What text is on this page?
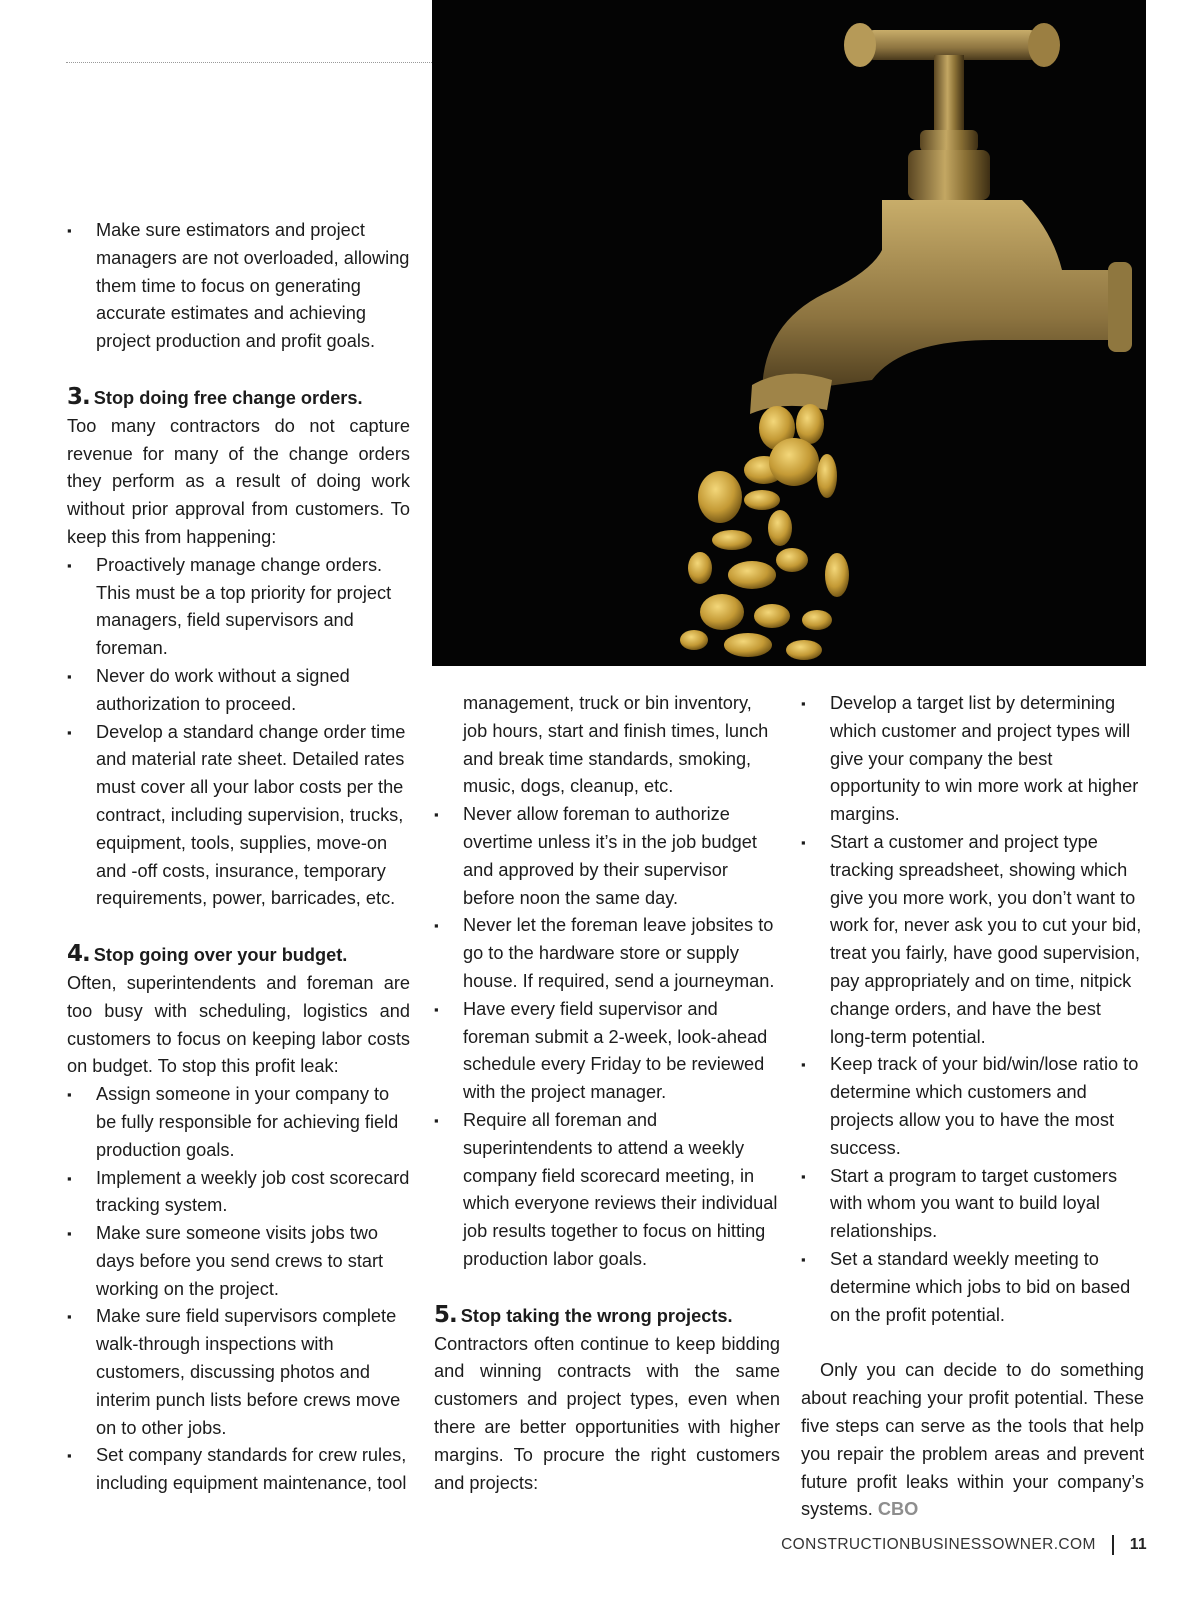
▪ Make sure estimators and project managers are not overloaded, allowing them time to focus on generating accurate estimates and achieving project production and profit goals.

3. Stop doing free change orders.

Too many contractors do not capture revenue for many of the change orders they perform as a result of doing work without prior approval from customers. To keep this from happening:

▪ Proactively manage change orders. This must be a top priority for project managers, field supervisors and foreman.
▪ Never do work without a signed authorization to proceed.
▪ Develop a standard change order time and material rate sheet. Detailed rates must cover all your labor costs per the contract, including supervision, trucks, equipment, tools, supplies, move-on and -off costs, insurance, temporary requirements, power, barricades, etc.

4. Stop going over your budget.

Often, superintendents and foreman are too busy with scheduling, logistics and customers to focus on keeping labor costs on budget. To stop this profit leak:

▪ Assign someone in your company to be fully responsible for achieving field production goals.
▪ Implement a weekly job cost scorecard tracking system.
▪ Make sure someone visits jobs two days before you send crews to start working on the project.
▪ Make sure field supervisors complete walk-through inspections with customers, discussing photos and interim punch lists before crews move on to other jobs.
▪ Set company standards for crew rules, including equipment maintenance, tool

management, truck or bin inventory, job hours, start and finish times, lunch and break time standards, smoking, music, dogs, cleanup, etc.

▪ Never allow foreman to authorize overtime unless it’s in the job budget and approved by their supervisor before noon the same day.
▪ Never let the foreman leave jobsites to go to the hardware store or supply house. If required, send a journeyman.
▪ Have every field supervisor and foreman submit a 2-week, look-ahead schedule every Friday to be reviewed with the project manager.
▪ Require all foreman and superintendents to attend a weekly company field scorecard meeting, in which everyone reviews their individual job results together to focus on hitting production labor goals.

5. Stop taking the wrong projects.

Contractors often continue to keep bidding and winning contracts with the same customers and project types, even when there are better opportunities with higher margins. To procure the right customers and projects:

▪ Develop a target list by determining which customer and project types will give your company the best opportunity to win more work at higher margins.
▪ Start a customer and project type tracking spreadsheet, showing which give you more work, you don’t want to work for, never ask you to cut your bid, treat you fairly, have good supervision, pay appropriately and on time, nitpick change orders, and have the best long-term potential.
▪ Keep track of your bid/win/lose ratio to determine which customers and projects allow you to have the most success.
▪ Start a program to target customers with whom you want to build loyal relationships.
▪ Set a standard weekly meeting to determine which jobs to bid on based on the profit potential.

Only you can decide to do something about reaching your profit potential. These five steps can serve as the tools that help you repair the problem areas and prevent future profit leaks within your company’s systems. CBO

CONSTRUCTIONBUSINESSOWNER.COM 11
